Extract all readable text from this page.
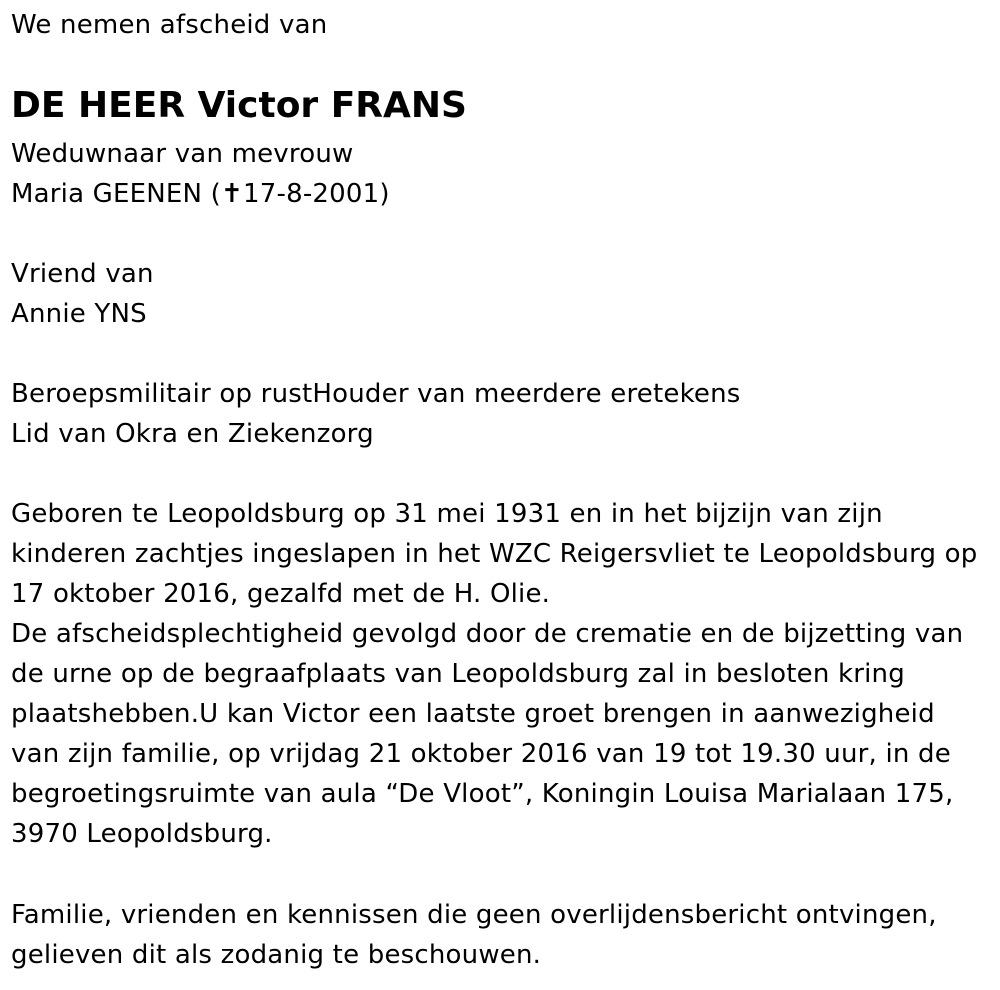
We nemen afscheid van
DE HEER Victor FRANS
Weduwnaar van mevrouw
Maria GEENEN (✝17-8-2001)
Vriend van
Annie YNS
Beroepsmilitair op rustHouder van meerdere eretekens
Lid van Okra en Ziekenzorg
Geboren te Leopoldsburg op 31 mei 1931 en in het bijzijn van zijn
kinderen zachtjes ingeslapen in het WZC Reigersvliet te Leopoldsburg op
17 oktober 2016, gezalfd met de H. Olie.
De afscheidsplechtigheid gevolgd door de crematie en de bijzetting van
de urne op de begraafplaats van Leopoldsburg zal in besloten kring
plaatshebben.U kan Victor een laatste groet brengen in aanwezigheid
van zijn familie, op vrijdag 21 oktober 2016 van 19 tot 19.30 uur, in de
begroetingsruimte van aula “De Vloot”, Koningin Louisa Marialaan 175,
3970 Leopoldsburg.
Familie, vrienden en kennissen die geen overlijdensbericht ontvingen,
gelieven dit als zodanig te beschouwen.
